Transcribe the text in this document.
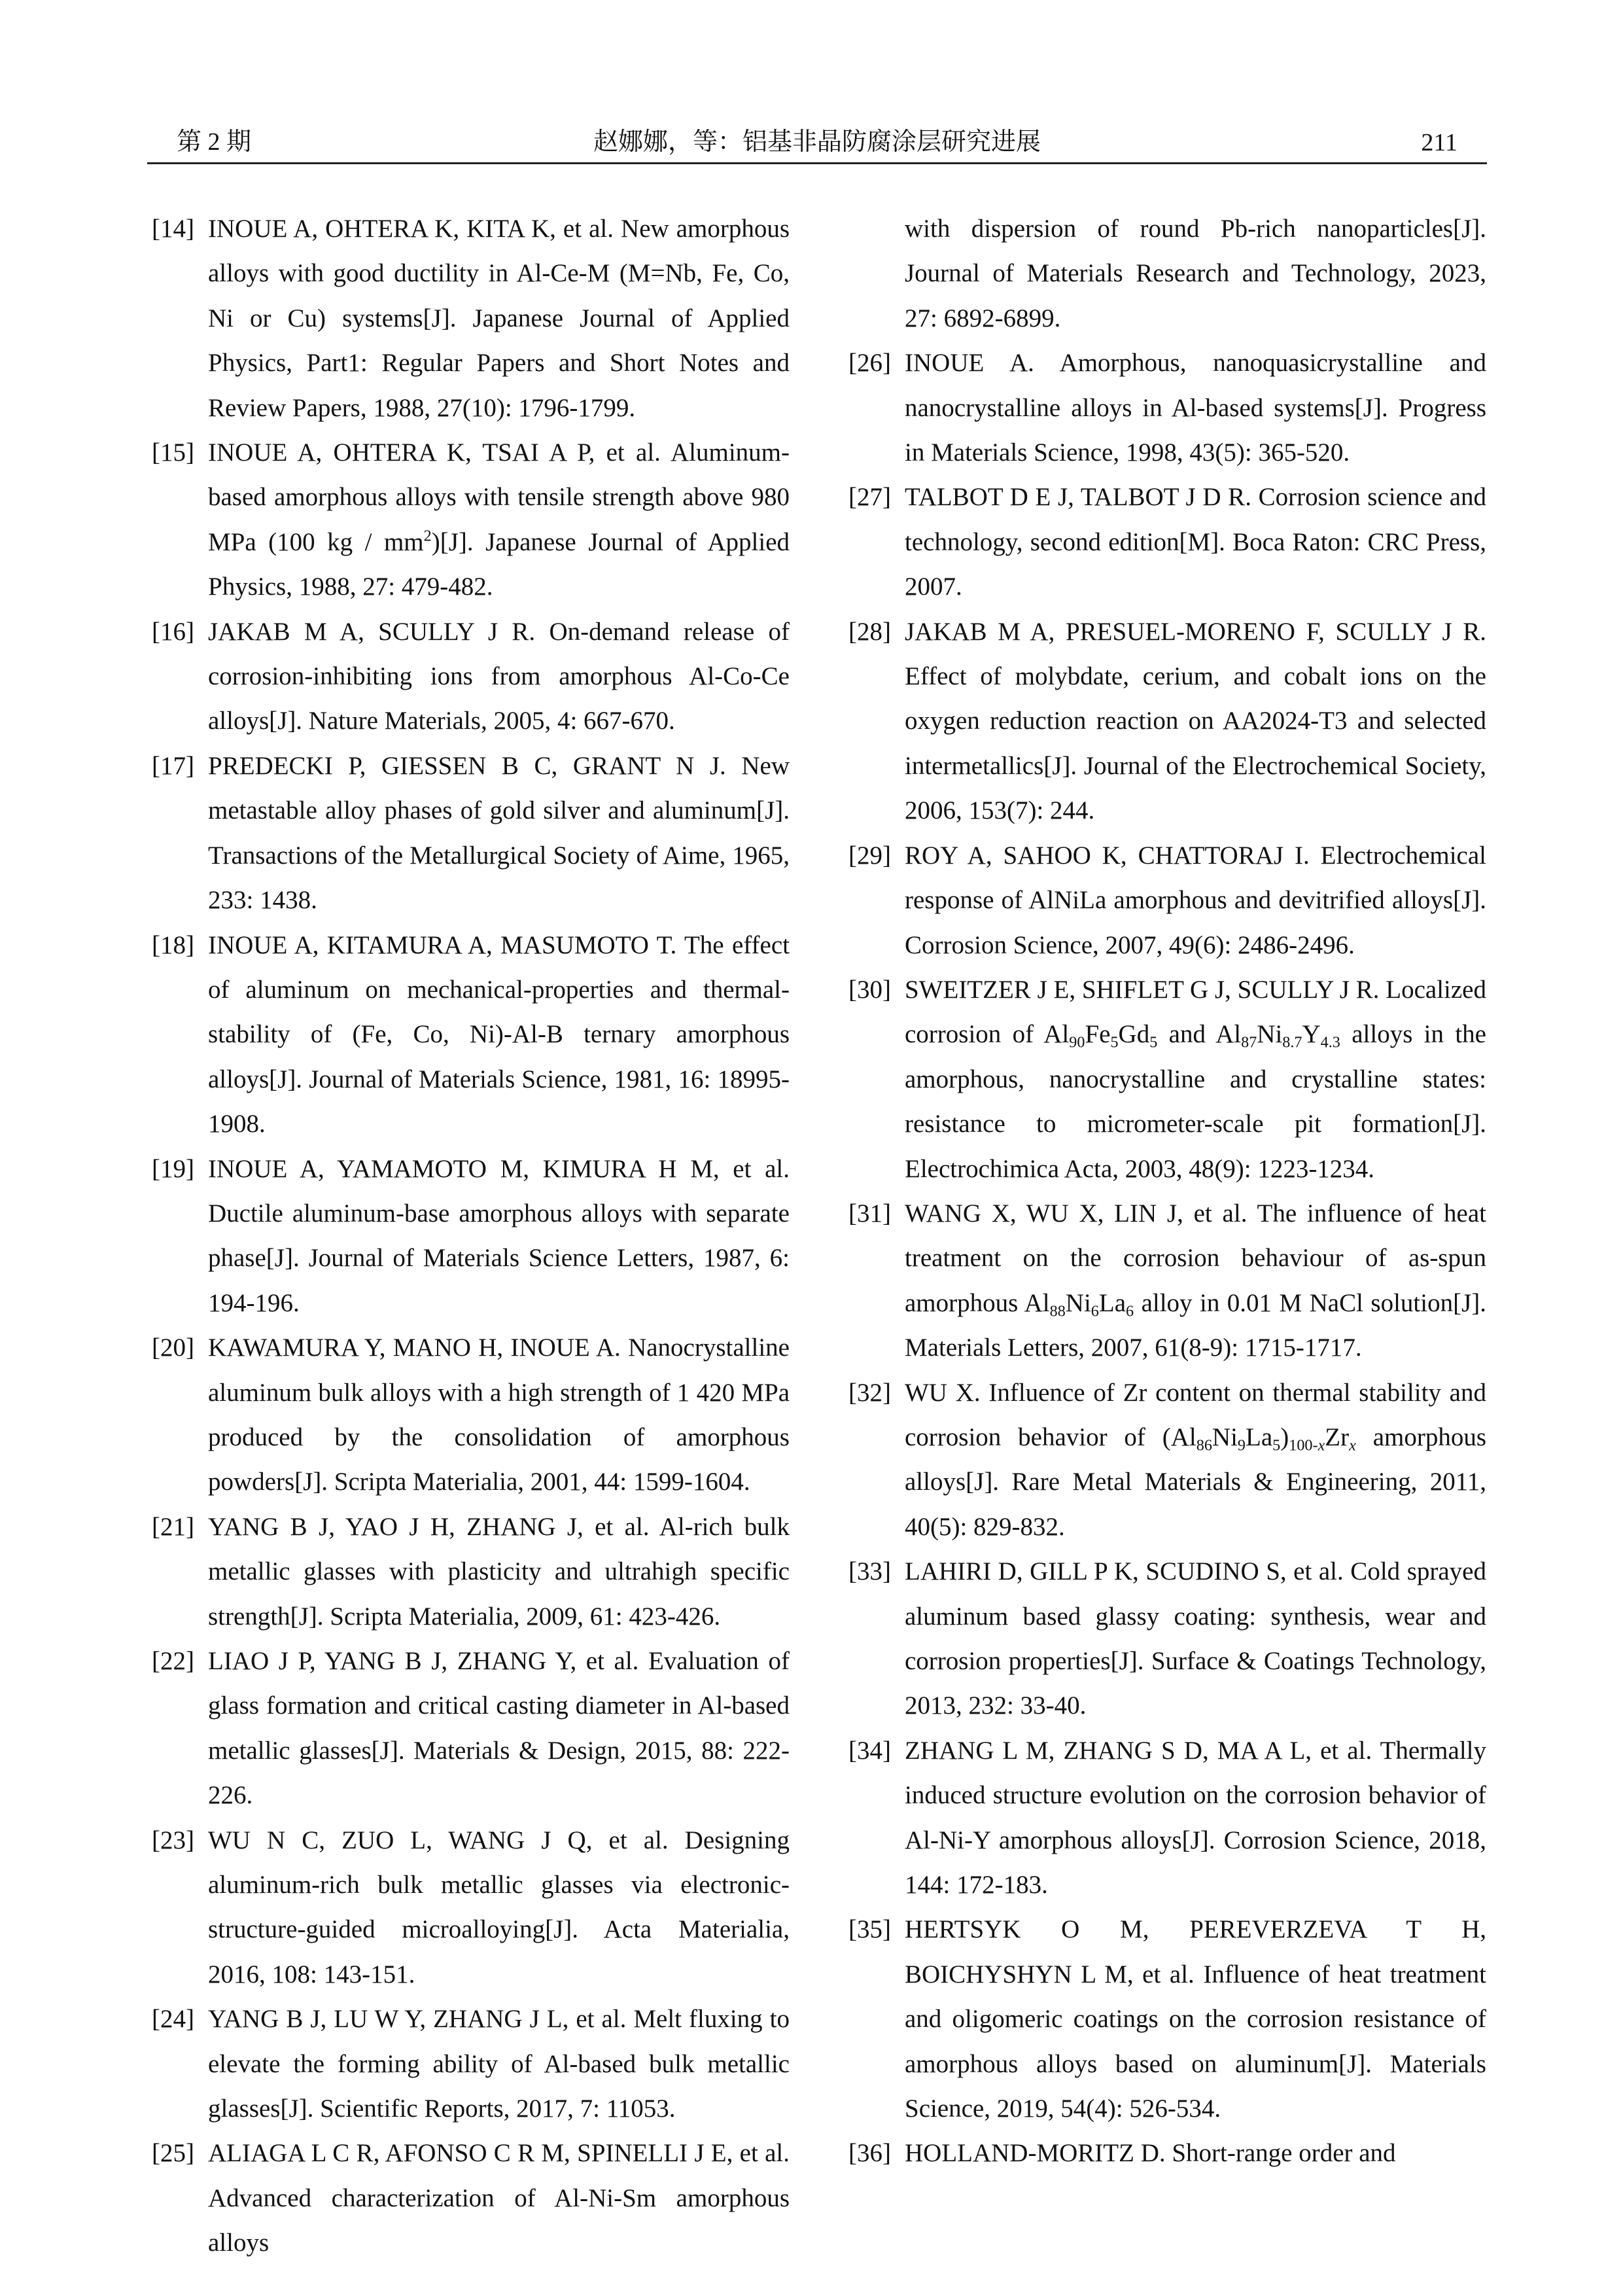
第 2 期	赵娜娜，等：铝基非晶防腐涂层研究进展	211
[14] INOUE A, OHTERA K, KITA K, et al. New amorphous alloys with good ductility in Al-Ce-M (M=Nb, Fe, Co, Ni or Cu) systems[J]. Japanese Journal of Applied Physics, Part1: Regular Papers and Short Notes and Review Papers, 1988, 27(10): 1796-1799.
[15] INOUE A, OHTERA K, TSAI A P, et al. Aluminum-based amorphous alloys with tensile strength above 980 MPa (100 kg / $mm^2)[J]$. Japanese Journal of Applied Physics, 1988, 27: 479-482.
[16] JAKAB M A, SCULLY J R. On-demand release of corrosion-inhibiting ions from amorphous Al-Co-Ce alloys[J]. Nature Materials, 2005, 4: 667-670.
[17] PREDECKI P, GIESSEN B C, GRANT N J. New metastable alloy phases of gold silver and aluminum[J]. Transactions of the Metallurgical Society of Aime, 1965, 233: 1438.
[18] INOUE A, KITAMURA A, MASUMOTO T. The effect of aluminum on mechanical-properties and thermal-stability of (Fe, Co, Ni)-Al-B ternary amorphous alloys[J]. Journal of Materials Science, 1981, 16: 18995-1908.
[19] INOUE A, YAMAMOTO M, KIMURA H M, et al. Ductile aluminum-base amorphous alloys with separate phase[J]. Journal of Materials Science Letters, 1987, 6: 194-196.
[20] KAWAMURA Y, MANO H, INOUE A. Nanocrystalline aluminum bulk alloys with a high strength of 1 420 MPa produced by the consolidation of amorphous powders[J]. Scripta Materialia, 2001, 44: 1599-1604.
[21] YANG B J, YAO J H, ZHANG J, et al. Al-rich bulk metallic glasses with plasticity and ultrahigh specific strength[J]. Scripta Materialia, 2009, 61: 423-426.
[22] LIAO J P, YANG B J, ZHANG Y, et al. Evaluation of glass formation and critical casting diameter in Al-based metallic glasses[J]. Materials & Design, 2015, 88: 222-226.
[23] WU N C, ZUO L, WANG J Q, et al. Designing aluminum-rich bulk metallic glasses via electronic-structure-guided microalloying[J]. Acta Materialia, 2016, 108: 143-151.
[24] YANG B J, LU W Y, ZHANG J L, et al. Melt fluxing to elevate the forming ability of Al-based bulk metallic glasses[J]. Scientific Reports, 2017, 7: 11053.
[25] ALIAGA L C R, AFONSO C R M, SPINELLI J E, et al. Advanced characterization of Al-Ni-Sm amorphous alloys
with dispersion of round Pb-rich nanoparticles[J]. Journal of Materials Research and Technology, 2023, 27: 6892-6899.
[26] INOUE A. Amorphous, nanoquasicrystalline and nanocrystalline alloys in Al-based systems[J]. Progress in Materials Science, 1998, 43(5): 365-520.
[27] TALBOT D E J, TALBOT J D R. Corrosion science and technology, second edition[M]. Boca Raton: CRC Press, 2007.
[28] JAKAB M A, PRESUEL-MORENO F, SCULLY J R. Effect of molybdate, cerium, and cobalt ions on the oxygen reduction reaction on AA2024-T3 and selected intermetallics[J]. Journal of the Electrochemical Society, 2006, 153(7): 244.
[29] ROY A, SAHOO K, CHATTORAJ I. Electrochemical response of AlNiLa amorphous and devitrified alloys[J]. Corrosion Science, 2007, 49(6): 2486-2496.
[30] SWEITZER J E, SHIFLET G J, SCULLY J R. Localized corrosion of $Al_{90}Fe_5Gd_5$ and $Al_{87}Ni_{8.7}Y_{4.3}$ alloys in the amorphous, nanocrystalline and crystalline states: resistance to micrometer-scale pit formation[J]. Electrochimica Acta, 2003, 48(9): 1223-1234.
[31] WANG X, WU X, LIN J, et al. The influence of heat treatment on the corrosion behaviour of as-spun amorphous $Al_{88}Ni_6La_6$ alloy in 0.01 M NaCl solution[J]. Materials Letters, 2007, 61(8-9): 1715-1717.
[32] WU X. Influence of Zr content on thermal stability and corrosion behavior of $(Al_{86}Ni_9La_5)_{100-x}Zr_x$ amorphous alloys[J]. Rare Metal Materials & Engineering, 2011, 40(5): 829-832.
[33] LAHIRI D, GILL P K, SCUDINO S, et al. Cold sprayed aluminum based glassy coating: synthesis, wear and corrosion properties[J]. Surface & Coatings Technology, 2013, 232: 33-40.
[34] ZHANG L M, ZHANG S D, MA A L, et al. Thermally induced structure evolution on the corrosion behavior of Al-Ni-Y amorphous alloys[J]. Corrosion Science, 2018, 144: 172-183.
[35] HERTSYK O M, PEREVERZEVA T H, BOICHYSHYN L M, et al. Influence of heat treatment and oligomeric coatings on the corrosion resistance of amorphous alloys based on aluminum[J]. Materials Science, 2019, 54(4): 526-534.
[36] HOLLAND-MORITZ D. Short-range order and
